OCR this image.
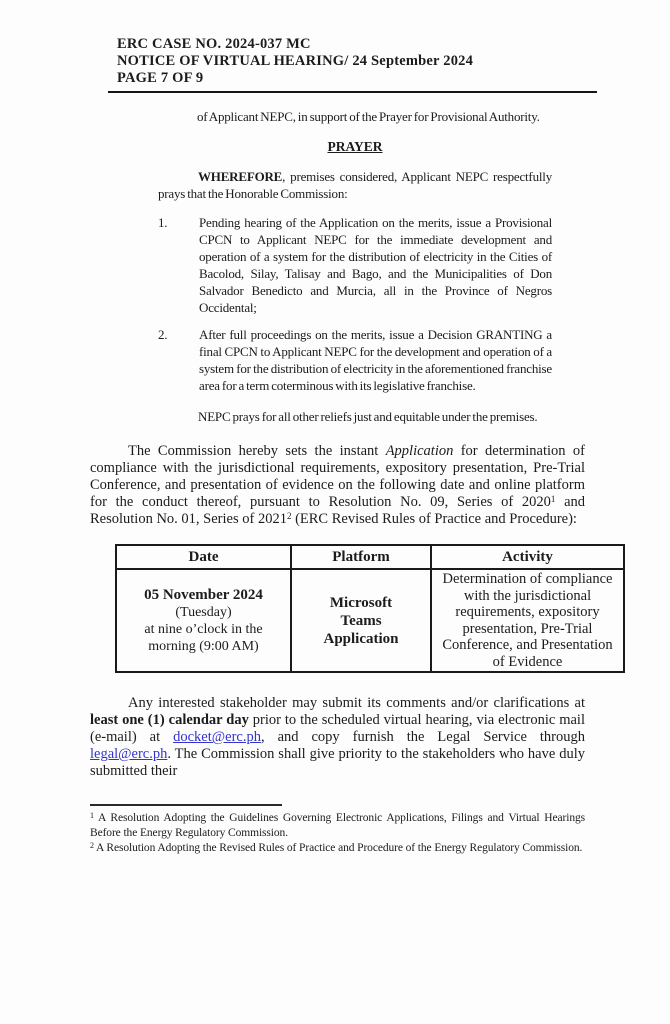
ERC CASE NO. 2024-037 MC
NOTICE OF VIRTUAL HEARING/ 24 September 2024
PAGE 7 OF 9
of Applicant NEPC, in support of the Prayer for Provisional Authority.
PRAYER
WHEREFORE, premises considered, Applicant NEPC respectfully prays that the Honorable Commission:
1.	Pending hearing of the Application on the merits, issue a Provisional CPCN to Applicant NEPC for the immediate development and operation of a system for the distribution of electricity in the Cities of Bacolod, Silay, Talisay and Bago, and the Municipalities of Don Salvador Benedicto and Murcia, all in the Province of Negros Occidental;
2.	After full proceedings on the merits, issue a Decision GRANTING a final CPCN to Applicant NEPC for the development and operation of a system for the distribution of electricity in the aforementioned franchise area for a term coterminous with its legislative franchise.
NEPC prays for all other reliefs just and equitable under the premises.
The Commission hereby sets the instant Application for determination of compliance with the jurisdictional requirements, expository presentation, Pre-Trial Conference, and presentation of evidence on the following date and online platform for the conduct thereof, pursuant to Resolution No. 09, Series of 2020$^1$ and Resolution No. 01, Series of 2021$^2$ (ERC Revised Rules of Practice and Procedure):
Date	Platform	Activity

05 November 2024
(Tuesday)
at nine o’clock in the morning (9:00 AM)	Microsoft Teams Application	Determination of compliance with the jurisdictional requirements, expository presentation, Pre-Trial Conference, and Presentation of Evidence
Any interested stakeholder may submit its comments and/or clarifications at least one (1) calendar day prior to the scheduled virtual hearing, via electronic mail (e-mail) at docket@erc.ph, and copy furnish the Legal Service through legal@erc.ph. The Commission shall give priority to the stakeholders who have duly submitted their
$^1$ A Resolution Adopting the Guidelines Governing Electronic Applications, Filings and Virtual Hearings Before the Energy Regulatory Commission.
$^2$ A Resolution Adopting the Revised Rules of Practice and Procedure of the Energy Regulatory Commission.
